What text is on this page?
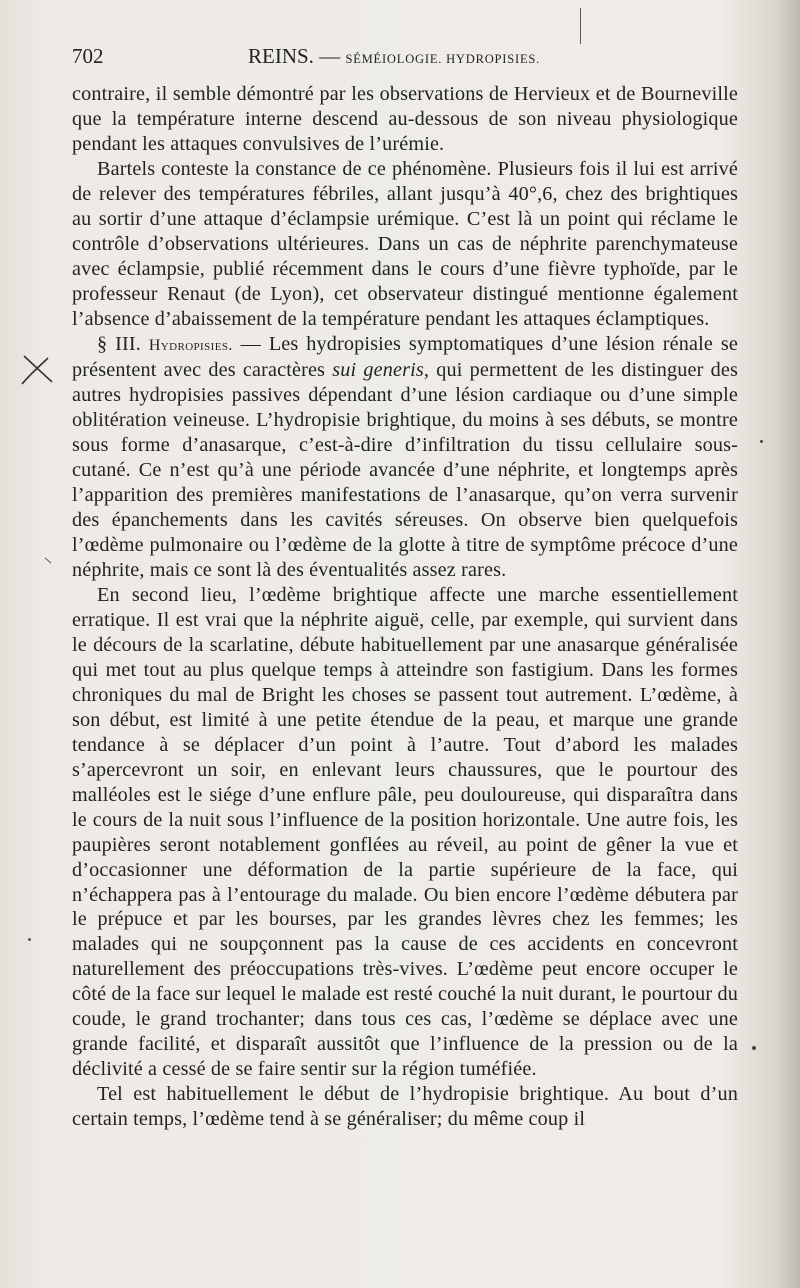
702	REINS. — SÉMÉIOLOGIE. HYDROPISIES.

contraire, il semble démontré par les observations de Hervieux et de Bourneville que la température interne descend au-dessous de son niveau physiologique pendant les attaques convulsives de l’urémie.

Bartels conteste la constance de ce phénomène. Plusieurs fois il lui est arrivé de relever des températures fébriles, allant jusqu’à 40°,6, chez des brightiques au sortir d’une attaque d’éclampsie urémique. C’est là un point qui réclame le contrôle d’observations ultérieures. Dans un cas de néphrite parenchymateuse avec éclampsie, publié récemment dans le cours d’une fièvre typhoïde, par le professeur Renaut (de Lyon), cet observateur distingué mentionne également l’absence d’abaissement de la température pendant les attaques éclamptiques.

§ III. Hydropisies. — Les hydropisies symptomatiques d’une lésion rénale se présentent avec des caractères sui generis, qui permettent de les distinguer des autres hydropisies passives dépendant d’une lésion cardiaque ou d’une simple oblitération veineuse. L’hydropisie brightique, du moins à ses débuts, se montre sous forme d’anasarque, c’est-à-dire d’infiltration du tissu cellulaire sous-cutané. Ce n’est qu’à une période avancée d’une néphrite, et longtemps après l’apparition des premières manifestations de l’anasarque, qu’on verra survenir des épanchements dans les cavités séreuses. On observe bien quelquefois l’œdème pulmonaire ou l’œdème de la glotte à titre de symptôme précoce d’une néphrite, mais ce sont là des éventualités assez rares.

En second lieu, l’œdème brightique affecte une marche essentiellement erratique. Il est vrai que la néphrite aiguë, celle, par exemple, qui survient dans le décours de la scarlatine, débute habituellement par une anasarque généralisée qui met tout au plus quelque temps à atteindre son fastigium. Dans les formes chroniques du mal de Bright les choses se passent tout autrement. L’œdème, à son début, est limité à une petite étendue de la peau, et marque une grande tendance à se déplacer d’un point à l’autre. Tout d’abord les malades s’apercevront un soir, en enlevant leurs chaussures, que le pourtour des malléoles est le siége d’une enflure pâle, peu douloureuse, qui disparaîtra dans le cours de la nuit sous l’influence de la position horizontale. Une autre fois, les paupières seront notablement gonflées au réveil, au point de gêner la vue et d’occasionner une déformation de la partie supérieure de la face, qui n’échappera pas à l’entourage du malade. Ou bien encore l’œdème débutera par le prépuce et par les bourses, par les grandes lèvres chez les femmes; les malades qui ne soupçonnent pas la cause de ces accidents en concevront naturellement des préoccupations très-vives. L’œdème peut encore occuper le côté de la face sur lequel le malade est resté couché la nuit durant, le pourtour du coude, le grand trochanter; dans tous ces cas, l’œdème se déplace avec une grande facilité, et disparaît aussitôt que l’influence de la pression ou de la déclivité a cessé de se faire sentir sur la région tuméfiée.

Tel est habituellement le début de l’hydropisie brightique. Au bout d’un certain temps, l’œdème tend à se généraliser; du même coup il
